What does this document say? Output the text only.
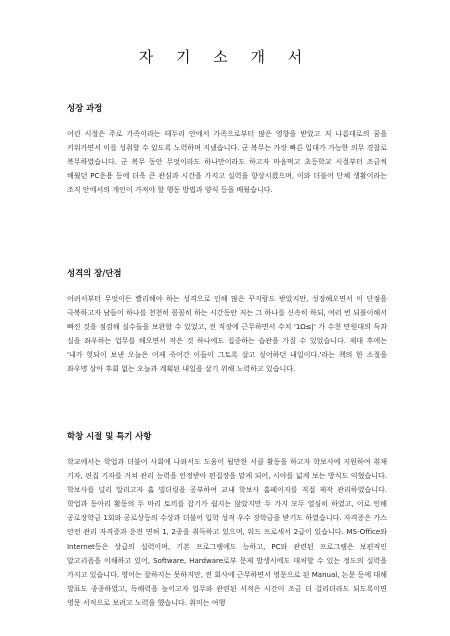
자 기 소 개 서

성장 과정

어린 시절은 주로 가족이라는 테두리 안에서 가족으로부터 많은 영향을 받았고 저 나름대로의 꿈을 키워가면서 이를 성취할 수 있도록 노력하며 지냈습니다. 군 복무는 가장 빠른 입대가 가능한 의무 경찰로 복무하였습니다. 군 복무 동안 무엇이라도 하나만이라도 하고자 마음먹고 초등학교 시절부터 조금씩 배웠던 PC운용 등에 더욱 큰 관심과 시간을 가지고 실력을 향상시켰으며, 이와 더불어 단체 생활이라는 조직 안에서의 개인이 가져야 할 행동 방법과 양식 등을 배웠습니다.

성격의 장/단점

어려서부터 무엇이든 빨리해야 하는 성격으로 인해 많은 꾸지람도 받았지만, 성장해오면서 이 단점을 극복하고자 남들이 하나를 천천히 꼼꼼히 하는 시간동안 저는 그 하나를 신속히 하되, 여러 번 되풀이해서 빠진 것을 점검해 실수들을 보완할 수 있었고, 전 직장에 근무하면서 수치 '1Ω≤|' 가 수천 만원대의 득과 실을 좌우하는 업무를 해오면서 작은 것 하나에도 집중하는 습관을 가질 수 있었습니다. 제대 후에는 '내가 헛되이 보낸 오늘은 어제 죽어간 이들이 그토록 살고 싶어하던 내일이다.'라는 책의 한 소절을 좌우명 삼아 후회 없는 오늘과 계획된 내일을 살기 위해 노력하고 있습니다.

학창 시절 및 특기 사항

학교에서는 학업과 더불어 사회에 나와서도 도움이 될만한 서클 활동을 하고자 학보사에 지원하여 취재 기자, 편집 기자를 거쳐 관리 능력을 인정받아 편집장을 맡게 되어, 시야를 넓게 보는 방식도 익혔습니다. 학보사를 널리 알리고자 홈 빌더링을 공부하여 교내 학보사 홈페이지를 직접 제작 관리하였습니다. 학업과 동아리 활동의 두 마리 토끼를 잡기가 쉽지는 않았지만 두 가지 모두 열심히 하였고, 이로 인해 공로장학금 1회와 공로상등의 수상과 더불어 입학 성적 우수 장학금을 받기도 하였습니다. 자격증은 가스 안전 관리 자격증과 운전 면허 1, 2종을 취득하고 있으며, 워드 프로세서 2급이 있습니다. MS-Office와 Internet등은 상급의 실력이며, 기본 프로그램에도 능하고, PC와 관련된 프로그램은 보편적인 알고리즘을 이해하고 있어, Software, Hardware로부 문제 발생시에도 대처할 수 있는 정도의 실력을 가지고 있습니다. 영어는 잘하지는 못하지만, 전 회사에 근무하면서 영문으로 된 Manual, 논문 등에 대해 발표도 종종하였고, 독해력을 높이고자 업무와 관련된 서적은 시간이 조금 더 걸리더라도 되도록이면 영문 서적으로 보려고 노력을 했습니다. 취미는 여행
